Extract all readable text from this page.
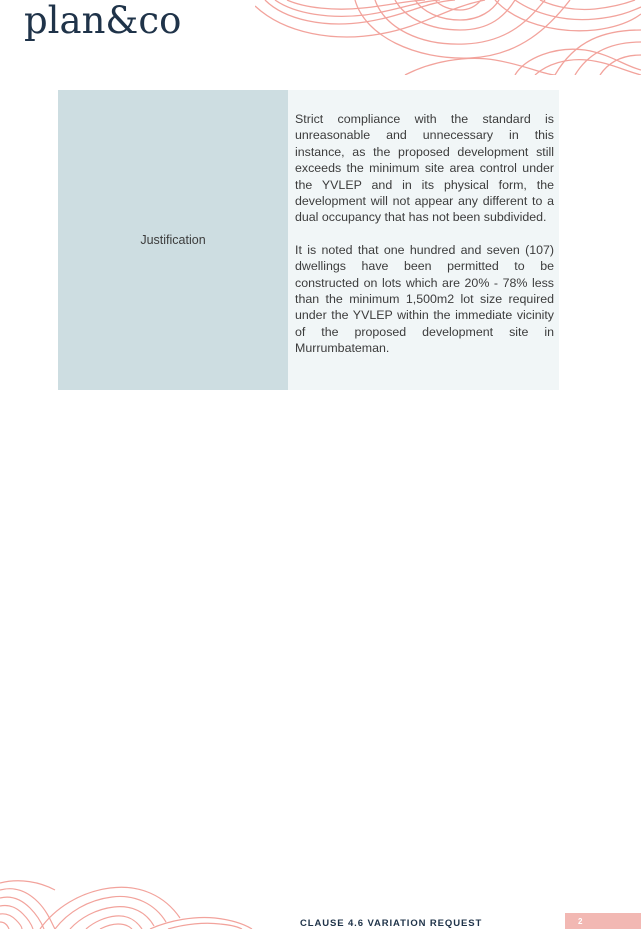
plan&co
Justification

Strict compliance with the standard is unreasonable and unnecessary in this instance, as the proposed development still exceeds the minimum site area control under the YVLEP and in its physical form, the development will not appear any different to a dual occupancy that has not been subdivided.

It is noted that one hundred and seven (107) dwellings have been permitted to be constructed on lots which are 20% - 78% less than the minimum 1,500m2 lot size required under the YVLEP within the immediate vicinity of the proposed development site in Murrumbateman.

CLAUSE 4.6 VARIATION REQUEST	2
